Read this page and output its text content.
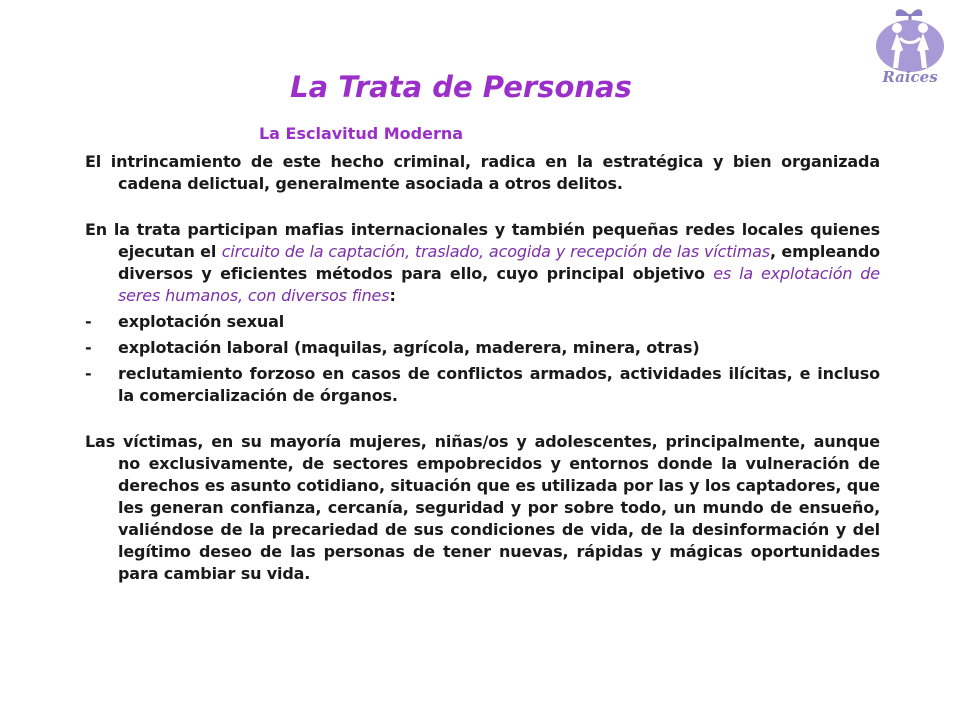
Raices
La Trata de Personas
La Esclavitud Moderna

El intrincamiento de este hecho criminal, radica en la estratégica y bien organizada cadena delictual, generalmente asociada a otros delitos.

En la trata participan mafias internacionales y también pequeñas redes locales quienes ejecutan el circuito de la captación, traslado, acogida y recepción de las víctimas, empleando diversos y eficientes métodos para ello, cuyo principal objetivo es la explotación de seres humanos, con diversos fines:

-	explotación sexual
-	explotación laboral (maquilas, agrícola, maderera, minera, otras)
-	reclutamiento forzoso en casos de conflictos armados, actividades ilícitas, e incluso la comercialización de órganos.

Las víctimas, en su mayoría mujeres, niñas/os y adolescentes, principalmente, aunque no exclusivamente, de sectores empobrecidos y entornos donde la vulneración de derechos es asunto cotidiano, situación que es utilizada por las y los captadores, que les generan confianza, cercanía, seguridad y por sobre todo, un mundo de ensueño, valiéndose de la precariedad de sus condiciones de vida, de la desinformación y del legítimo deseo de las personas de tener nuevas, rápidas y mágicas oportunidades para cambiar su vida.
